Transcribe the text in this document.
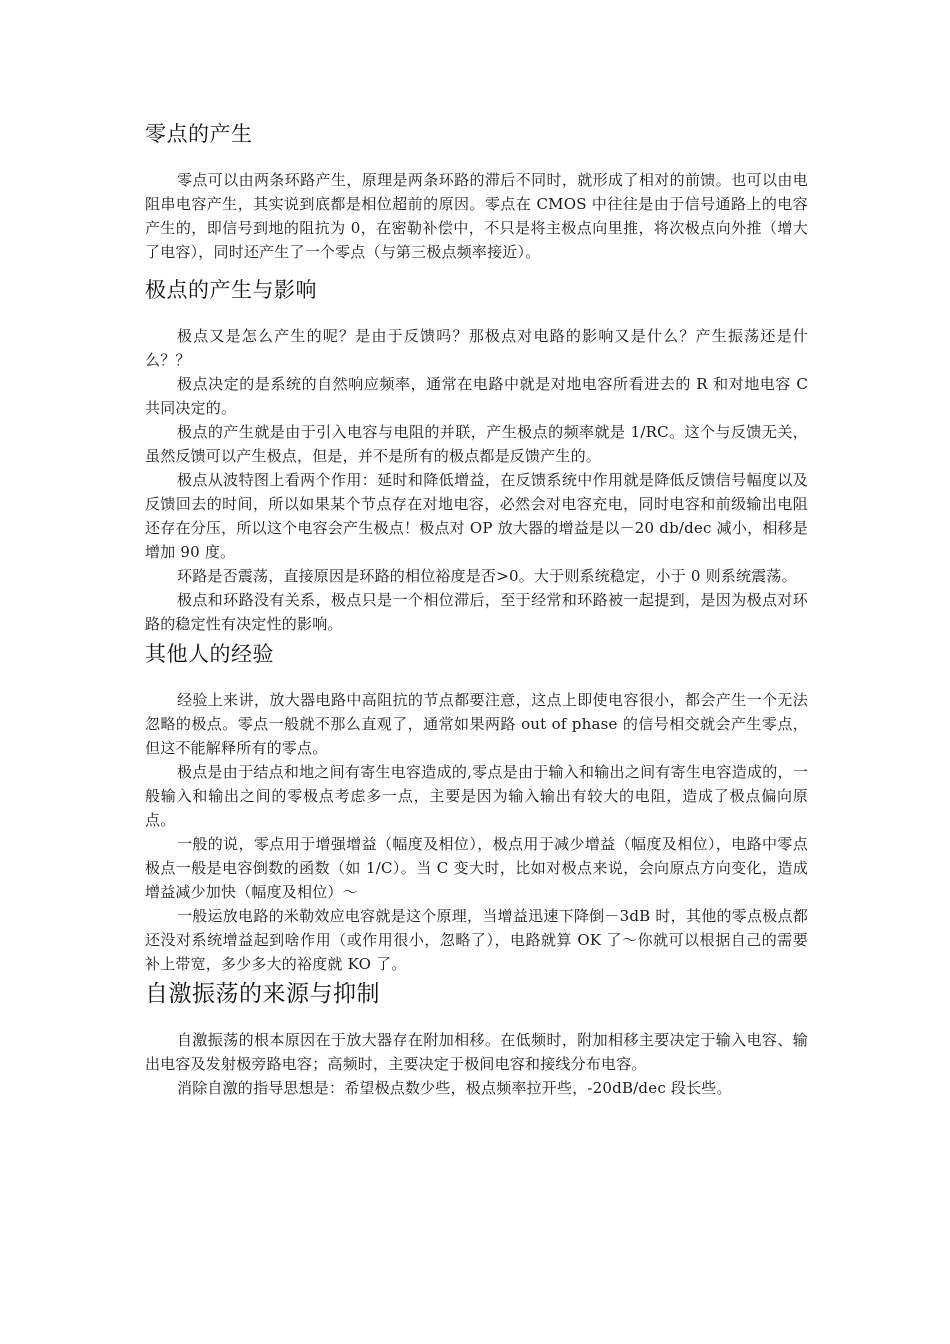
零点的产生

零点可以由两条环路产生，原理是两条环路的滞后不同时，就形成了相对的前馈。也可以由电阻串电容产生，其实说到底都是相位超前的原因。零点在 CMOS 中往往是由于信号通路上的电容产生的，即信号到地的阻抗为 0，在密勒补偿中，不只是将主极点向里推，将次极点向外推（增大了电容），同时还产生了一个零点（与第三极点频率接近）。

极点的产生与影响

极点又是怎么产生的呢？是由于反馈吗？那极点对电路的影响又是什么？产生振荡还是什么？？

极点决定的是系统的自然响应频率，通常在电路中就是对地电容所看进去的 R 和对地电容 C 共同决定的。

极点的产生就是由于引入电容与电阻的并联，产生极点的频率就是 1/RC。这个与反馈无关，虽然反馈可以产生极点，但是，并不是所有的极点都是反馈产生的。

极点从波特图上看两个作用：延时和降低增益，在反馈系统中作用就是降低反馈信号幅度以及反馈回去的时间，所以如果某个节点存在对地电容，必然会对电容充电，同时电容和前级输出电阻还存在分压，所以这个电容会产生极点！极点对 OP 放大器的增益是以－20 db/dec 减小，相移是增加 90 度。

环路是否震荡，直接原因是环路的相位裕度是否>0。大于则系统稳定，小于 0 则系统震荡。

极点和环路没有关系，极点只是一个相位滞后，至于经常和环路被一起提到，是因为极点对环路的稳定性有决定性的影响。

其他人的经验

经验上来讲，放大器电路中高阻抗的节点都要注意，这点上即使电容很小，都会产生一个无法忽略的极点。零点一般就不那么直观了，通常如果两路 out of phase 的信号相交就会产生零点，但这不能解释所有的零点。

极点是由于结点和地之间有寄生电容造成的,零点是由于输入和输出之间有寄生电容造成的，一般输入和输出之间的零极点考虑多一点，主要是因为输入输出有较大的电阻，造成了极点偏向原点。

一般的说，零点用于增强增益（幅度及相位），极点用于减少增益（幅度及相位），电路中零点极点一般是电容倒数的函数（如 1/C）。当 C 变大时，比如对极点来说，会向原点方向变化，造成增益减少加快（幅度及相位）～

一般运放电路的米勒效应电容就是这个原理，当增益迅速下降倒－3dB 时，其他的零点极点都还没对系统增益起到啥作用（或作用很小，忽略了），电路就算 OK 了～你就可以根据自己的需要补上带宽，多少多大的裕度就 KO 了。

自激振荡的来源与抑制

自激振荡的根本原因在于放大器存在附加相移。在低频时，附加相移主要决定于输入电容、输出电容及发射极旁路电容；高频时，主要决定于极间电容和接线分布电容。

消除自激的指导思想是：希望极点数少些，极点频率拉开些，-20dB/dec 段长些。
